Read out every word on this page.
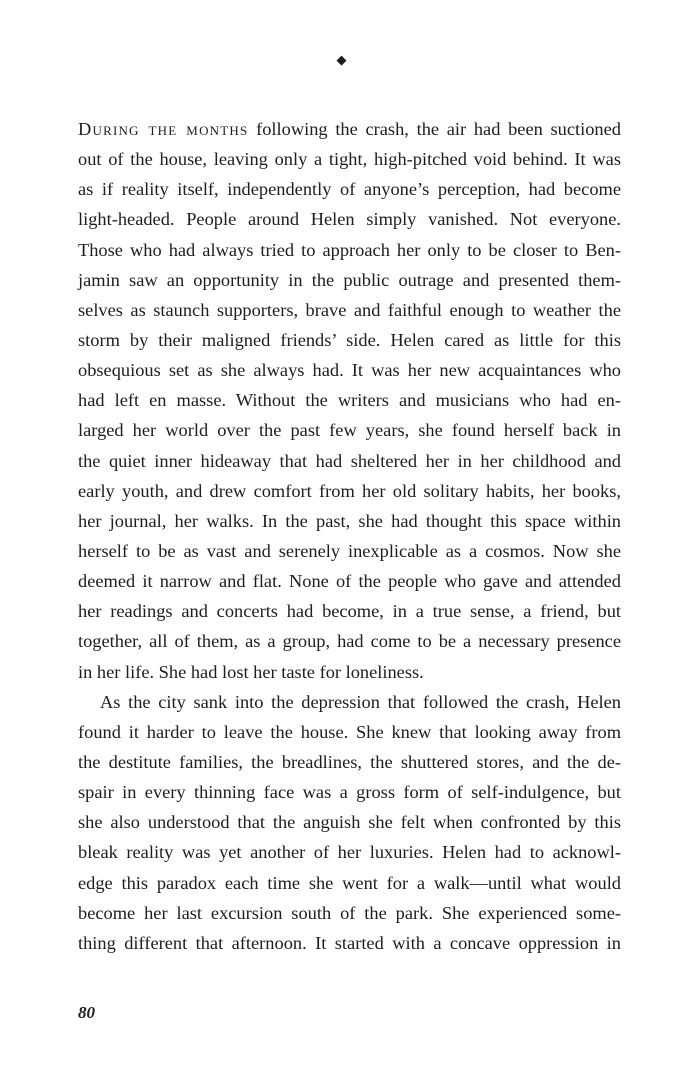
◆
During the months following the crash, the air had been suctioned
out of the house, leaving only a tight, high-pitched void behind. It was
as if reality itself, independently of anyone’s perception, had become
light-headed. People around Helen simply vanished. Not everyone.
Those who had always tried to approach her only to be closer to Ben-
jamin saw an opportunity in the public outrage and presented them-
selves as staunch supporters, brave and faithful enough to weather the
storm by their maligned friends’ side. Helen cared as little for this
obsequious set as she always had. It was her new acquaintances who
had left en masse. Without the writers and musicians who had en-
larged her world over the past few years, she found herself back in
the quiet inner hideaway that had sheltered her in her childhood and
early youth, and drew comfort from her old solitary habits, her books,
her journal, her walks. In the past, she had thought this space within
herself to be as vast and serenely inexplicable as a cosmos. Now she
deemed it narrow and flat. None of the people who gave and attended
her readings and concerts had become, in a true sense, a friend, but
together, all of them, as a group, had come to be a necessary presence
in her life. She had lost her taste for loneliness.
As the city sank into the depression that followed the crash, Helen
found it harder to leave the house. She knew that looking away from
the destitute families, the breadlines, the shuttered stores, and the de-
spair in every thinning face was a gross form of self-indulgence, but
she also understood that the anguish she felt when confronted by this
bleak reality was yet another of her luxuries. Helen had to acknowl-
edge this paradox each time she went for a walk—until what would
become her last excursion south of the park. She experienced some-
thing different that afternoon. It started with a concave oppression in
80
